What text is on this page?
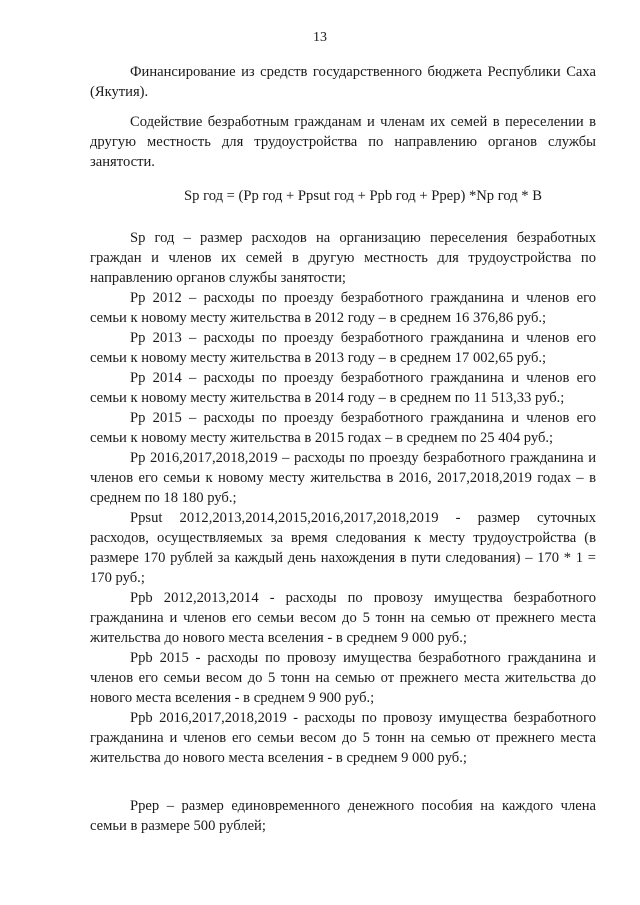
13

Финансирование из средств государственного бюджета Республики Саха (Якутия).

Содействие безработным гражданам и членам их семей в переселении в другую местность для трудоустройства по направлению органов службы занятости.

Sр год = (Рр год + Рpsut год + Рpb год + Рpep) *Np год * B

Sр год – размер расходов на организацию переселения безработных граждан и членов их семей в другую местность для трудоустройства по направлению органов службы занятости;

Рр 2012 – расходы по проезду безработного гражданина и членов его семьи к новому месту жительства в 2012 году – в среднем 16 376,86 руб.;

Рр 2013 – расходы по проезду безработного гражданина и членов его семьи к новому месту жительства в 2013 году – в среднем 17 002,65 руб.;

Рр 2014 – расходы по проезду безработного гражданина и членов его семьи к новому месту жительства в 2014 году – в среднем по 11 513,33 руб.;

Рр 2015 – расходы по проезду безработного гражданина и членов его семьи к новому месту жительства в 2015 годах – в среднем по 25 404 руб.;

Рр 2016,2017,2018,2019 – расходы по проезду безработного гражданина и членов его семьи к новому месту жительства в 2016, 2017,2018,2019 годах – в среднем по 18 180 руб.;

Рpsut 2012,2013,2014,2015,2016,2017,2018,2019 - размер суточных расходов, осуществляемых за время следования к месту трудоустройства (в размере 170 рублей за каждый день нахождения в пути следования) – 170 * 1 = 170 руб.;

Рpb 2012,2013,2014 - расходы по провозу имущества безработного гражданина и членов его семьи весом до 5 тонн на семью от прежнего места жительства до нового места вселения - в среднем 9 000 руб.;

Рpb 2015 - расходы по провозу имущества безработного гражданина и членов его семьи весом до 5 тонн на семью от прежнего места жительства до нового места вселения - в среднем 9 900 руб.;

Рpb 2016,2017,2018,2019 - расходы по провозу имущества безработного гражданина и членов его семьи весом до 5 тонн на семью от прежнего места жительства до нового места вселения - в среднем 9 000 руб.;

Рpep – размер единовременного денежного пособия на каждого члена семьи в размере 500 рублей;
